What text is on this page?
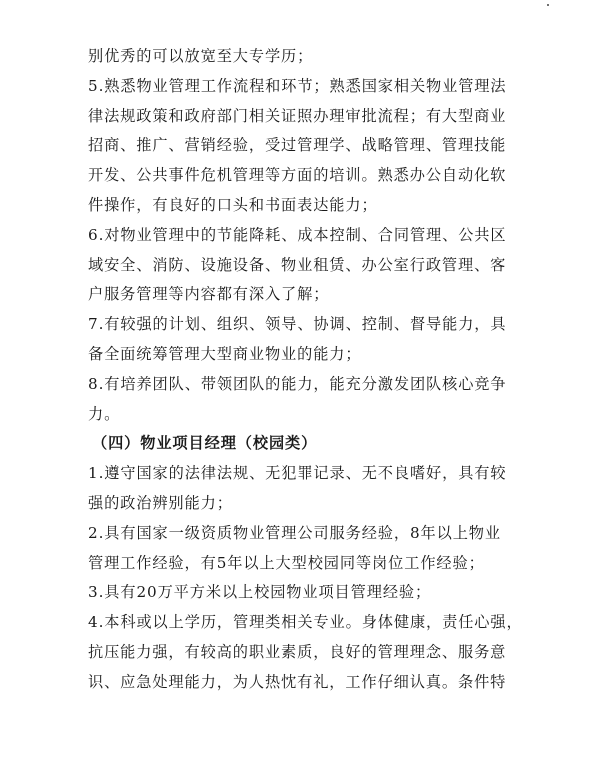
别优秀的可以放宽至大专学历；
5.熟悉物业管理工作流程和环节；熟悉国家相关物业管理法
律法规政策和政府部门相关证照办理审批流程；有大型商业
招商、推广、营销经验，受过管理学、战略管理、管理技能
开发、公共事件危机管理等方面的培训。熟悉办公自动化软
件操作，有良好的口头和书面表达能力；
6.对物业管理中的节能降耗、成本控制、合同管理、公共区
域安全、消防、设施设备、物业租赁、办公室行政管理、客
户服务管理等内容都有深入了解；
7.有较强的计划、组织、领导、协调、控制、督导能力，具
备全面统筹管理大型商业物业的能力；
8.有培养团队、带领团队的能力，能充分激发团队核心竞争
力。
（四）物业项目经理（校园类）
1.遵守国家的法律法规、无犯罪记录、无不良嗜好，具有较
强的政治辨别能力；
2.具有国家一级资质物业管理公司服务经验，8年以上物业
管理工作经验，有5年以上大型校园同等岗位工作经验；
3.具有20万平方米以上校园物业项目管理经验；
4.本科或以上学历，管理类相关专业。身体健康，责任心强，
抗压能力强，有较高的职业素质，良好的管理理念、服务意
识、应急处理能力，为人热忱有礼，工作仔细认真。条件特
